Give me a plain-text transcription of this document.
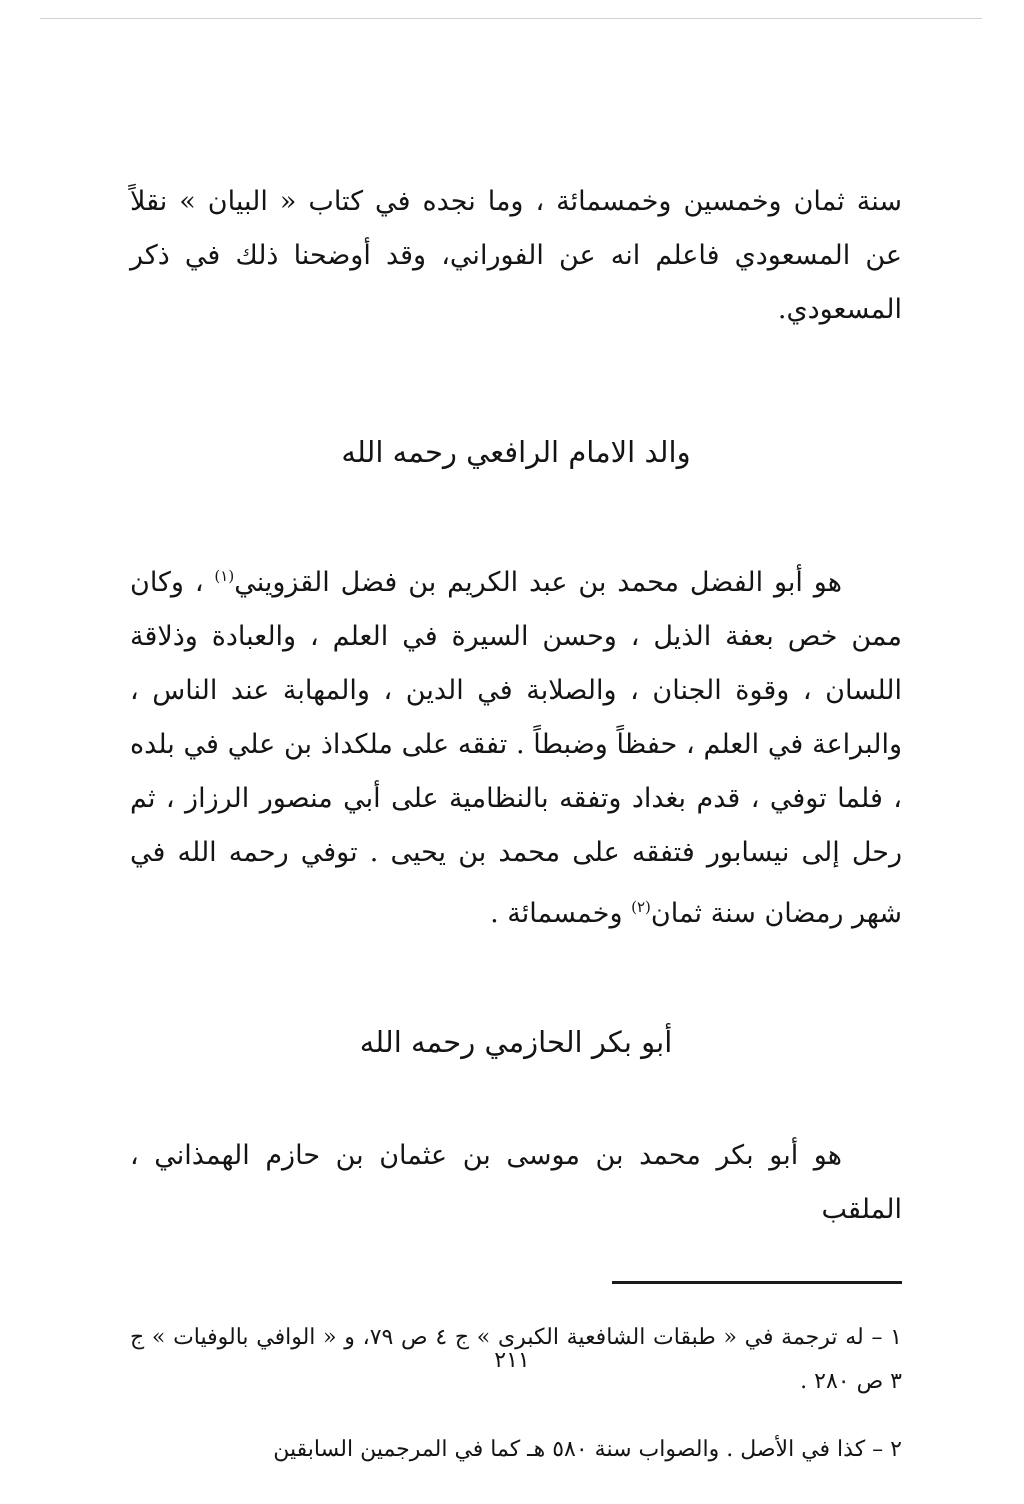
سنة ثمان وخمسين وخمسمائة ، وما نجده في كتاب « البيان » نقلاً عن المسعودي فاعلم انه عن الفوراني، وقد أوضحنا ذلك في ذكر المسعودي.

والد الامام الرافعي رحمه الله

هو أبو الفضل محمد بن عبد الكريم بن فضل القزويني$^{(١)}$ ، وكان ممن خص بعفة الذيل ، وحسن السيرة في العلم ، والعبادة وذلاقة اللسان ، وقوة الجنان ، والصلابة في الدين ، والمهابة عند الناس ، والبراعة في العلم ، حفظاً وضبطاً . تفقه على ملكداذ بن علي في بلده ، فلما توفي ، قدم بغداد وتفقه بالنظامية على أبي منصور الرزاز ، ثم رحل إلى نيسابور فتفقه على محمد بن يحيى . توفي رحمه الله في شهر رمضان سنة ثمان$^{(٢)}$ وخمسمائة .

أبو بكر الحازمي رحمه الله

هو أبو بكر محمد بن موسى بن عثمان بن حازم الهمذاني ، الملقب

١ – له ترجمة في « طبقات الشافعية الكبرى » ج ٤ ص ٧٩، و « الوافي بالوفيات » ج ٣ ص ٢٨٠ .

٢ – كذا في الأصل . والصواب سنة ٥٨٠ هـ كما في المرجمين السابقين

٢١١
